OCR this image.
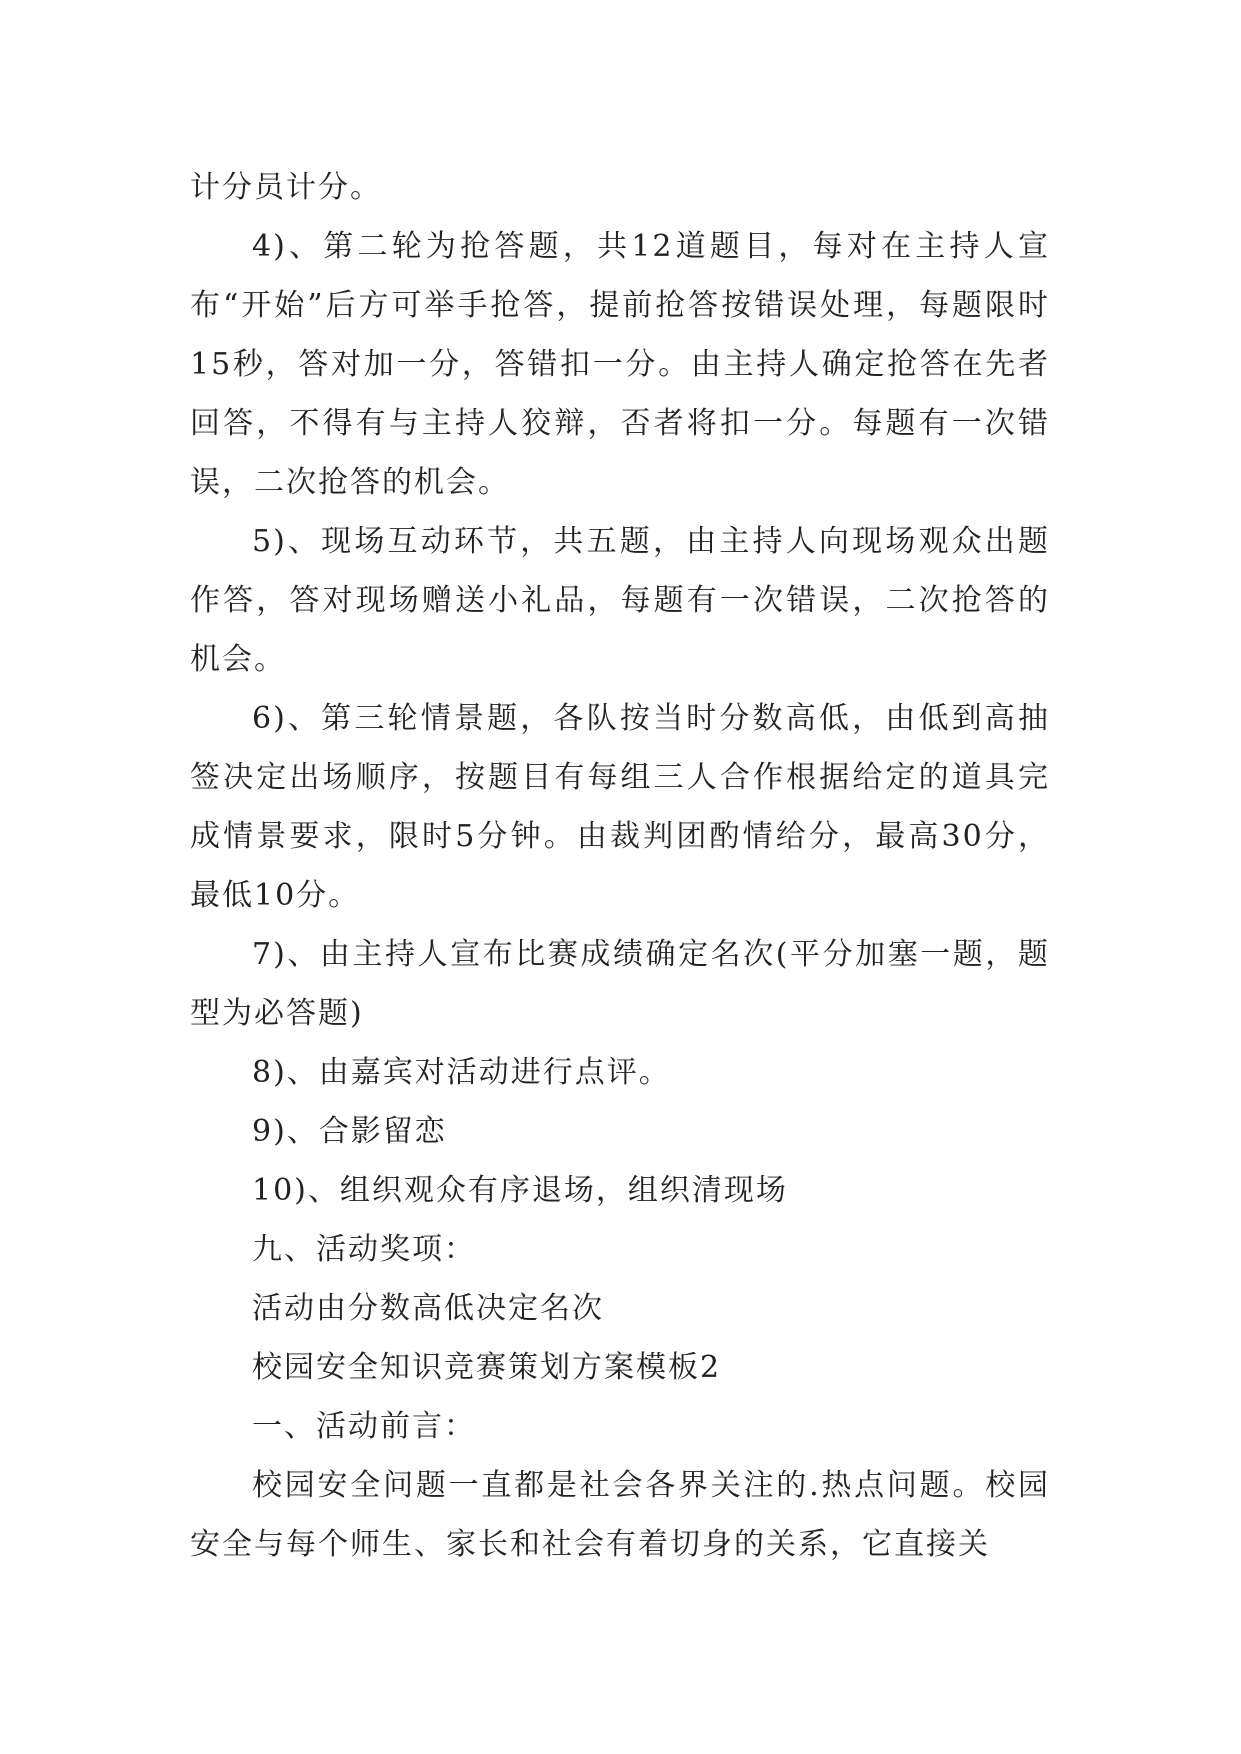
计分员计分。

4)、第二轮为抢答题，共12道题目，每对在主持人宣布“开始”后方可举手抢答，提前抢答按错误处理，每题限时15秒，答对加一分，答错扣一分。由主持人确定抢答在先者回答，不得有与主持人狡辩，否者将扣一分。每题有一次错误，二次抢答的机会。

5)、现场互动环节，共五题，由主持人向现场观众出题作答，答对现场赠送小礼品，每题有一次错误，二次抢答的机会。

6)、第三轮情景题，各队按当时分数高低，由低到高抽签决定出场顺序，按题目有每组三人合作根据给定的道具完成情景要求，限时5分钟。由裁判团酌情给分，最高30分，最低10分。

7)、由主持人宣布比赛成绩确定名次(平分加塞一题，题型为必答题)

8)、由嘉宾对活动进行点评。

9)、合影留恋

10)、组织观众有序退场，组织清现场

九、活动奖项：

活动由分数高低决定名次

校园安全知识竞赛策划方案模板2

一、活动前言：

校园安全问题一直都是社会各界关注的.热点问题。校园安全与每个师生、家长和社会有着切身的关系，它直接关
